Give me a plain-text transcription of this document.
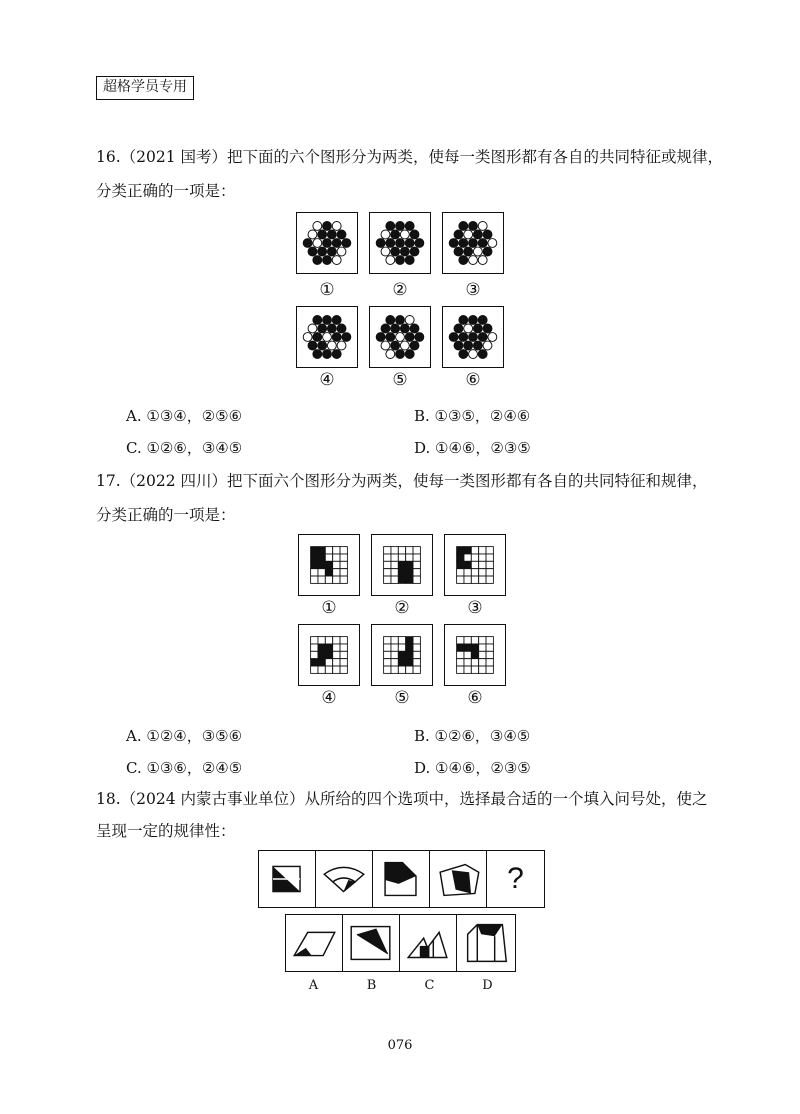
超格学员专用
16.（2021 国考）把下面的六个图形分为两类，使每一类图形都有各自的共同特征或规律，
分类正确的一项是：
①	②	③
④	⑤	⑥
A. ①③④，②⑤⑥	B. ①③⑤，②④⑥
C. ①②⑥，③④⑤	D. ①④⑥，②③⑤
17.（2022 四川）把下面六个图形分为两类，使每一类图形都有各自的共同特征和规律，
分类正确的一项是：
①	②	③
④	⑤	⑥
A. ①②④，③⑤⑥	B. ①②⑥，③④⑤
C. ①③⑥，②④⑤	D. ①④⑥，②③⑤
18.（2024 内蒙古事业单位）从所给的四个选项中，选择最合适的一个填入问号处，使之
呈现一定的规律性：
?
A	B	C	D
076
